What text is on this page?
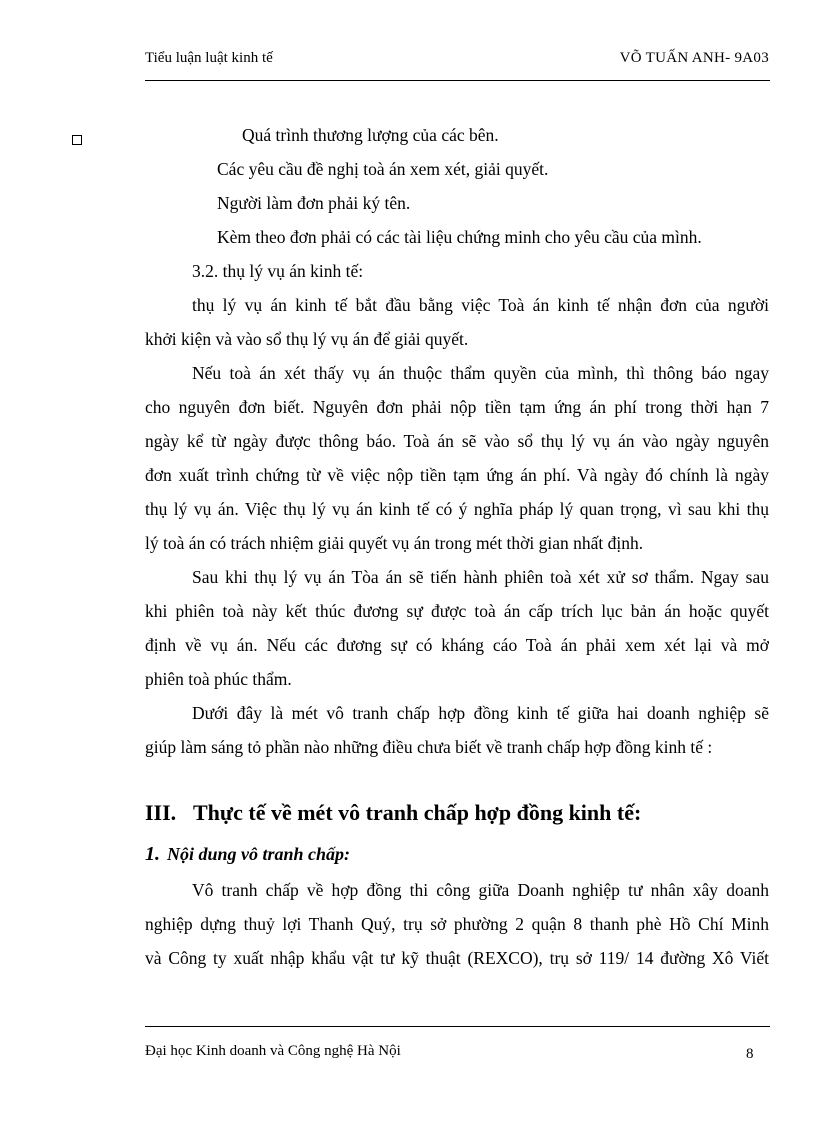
Tiểu luận luật kinh tế	VÕ TUẤN ANH- 9A03
Quá trình thương lượng của các bên.
Các yêu cầu đề nghị toà án xem xét, giải quyết.
Người làm đơn phải ký tên.
Kèm theo đơn phải có các tài liệu chứng minh cho yêu cầu của mình.
3.2. thụ lý vụ án kinh tế:
thụ lý vụ án kinh tế bắt đầu bằng việc Toà án kinh tế nhận đơn của người
khởi kiện và vào sổ thụ lý vụ án để giải quyết.
Nếu toà án xét thấy vụ án thuộc thẩm quyền của mình, thì thông báo ngay
cho nguyên đơn biết. Nguyên đơn phải nộp tiền tạm ứng án phí trong thời hạn 7
ngày kể từ ngày được thông báo. Toà án sẽ vào sổ thụ lý vụ án vào ngày nguyên
đơn xuất trình chứng từ về việc nộp tiền tạm ứng án phí. Và ngày đó chính là ngày
thụ lý vụ án. Việc thụ lý vụ án kinh tế có ý nghĩa pháp lý quan trọng, vì sau khi thụ
lý toà án có trách nhiệm giải quyết vụ án trong mét thời gian nhất định.
Sau khi thụ lý vụ án Tòa án sẽ tiến hành phiên toà xét xử sơ thẩm. Ngay sau
khi phiên toà này kết thúc đương sự được toà án cấp trích lục bản án hoặc quyết
định về vụ án. Nếu các đương sự có kháng cáo Toà án phải xem xét lại và mở
phiên toà phúc thẩm.
Dưới đây là mét vô tranh chấp hợp đồng kinh tế giữa hai doanh nghiệp sẽ
giúp làm sáng tỏ phần nào những điều chưa biết về tranh chấp hợp đồng kinh tế :
III. Thực tế về mét vô tranh chấp hợp đồng kinh tế:
1. Nội dung vô tranh chấp:
Vô tranh chấp về hợp đồng thi công giữa Doanh nghiệp tư nhân xây doanh
nghiệp dựng thuỷ lợi Thanh Quý, trụ sở phường 2 quận 8 thanh phè Hồ Chí Minh
và Công ty xuất nhập khẩu vật tư kỹ thuật (REXCO), trụ sở 119/ 14 đường Xô Viết
Đại học Kinh doanh và Công nghệ Hà Nội	8
